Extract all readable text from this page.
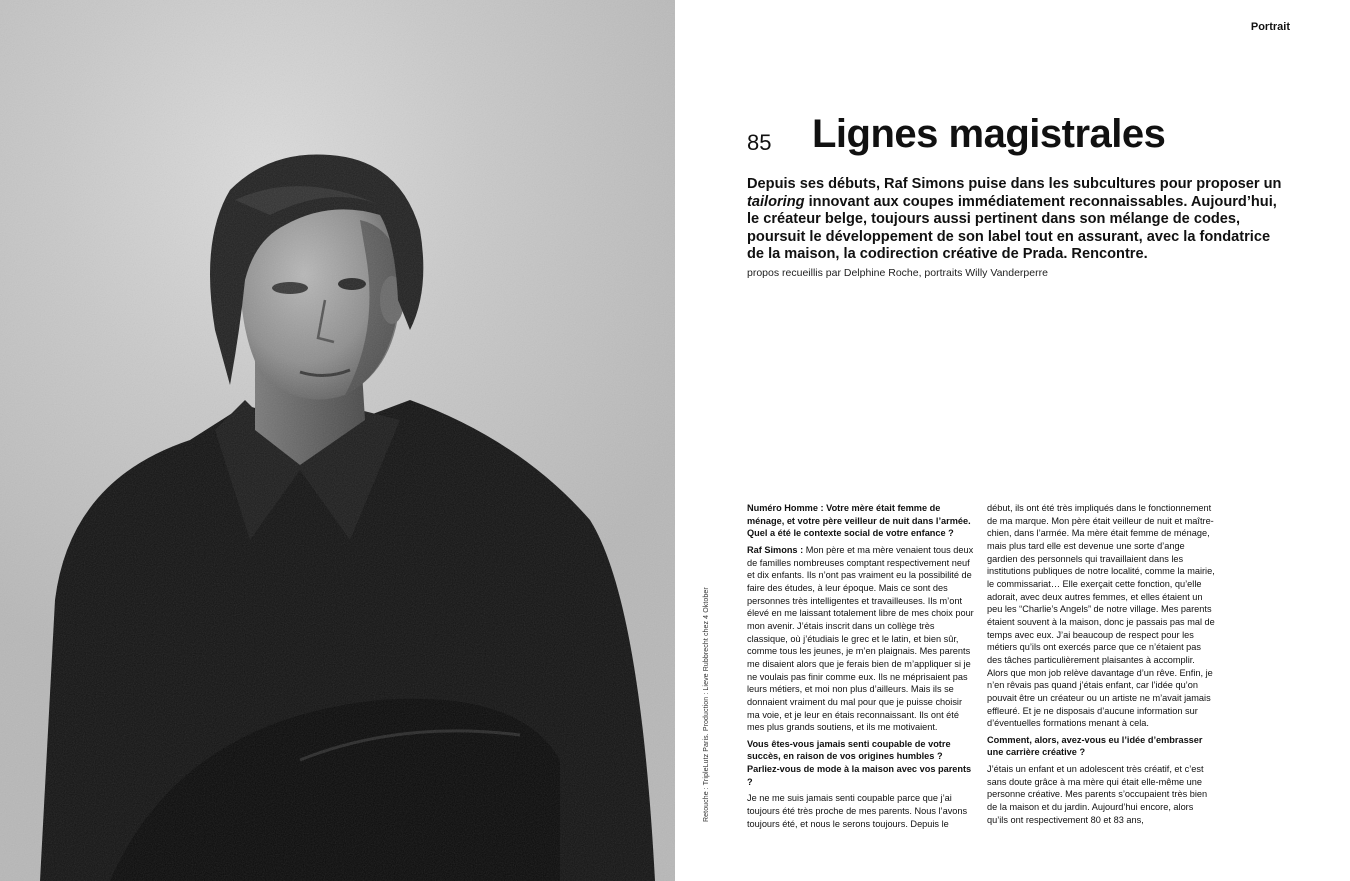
Retouche : TripleLutz Paris. Production : Lieve Rubbrecht chez 4 Oktober
Portrait
85 Lignes magistrales

Depuis ses débuts, Raf Simons puise dans les subcultures pour proposer un tailoring innovant aux coupes immédiatement reconnaissables. Aujourd’hui, le créateur belge, toujours aussi pertinent dans son mélange de codes, poursuit le développement de son label tout en assurant, avec la fondatrice de la maison, la codirection créative de Prada. Rencontre.

propos recueillis par Delphine Roche, portraits Willy Vanderperre

Numéro Homme : Votre mère était femme de ménage, et votre père veilleur de nuit dans l’armée. Quel a été le contexte social de votre enfance ?

Raf Simons : Mon père et ma mère venaient tous deux de familles nombreuses comptant respectivement neuf et dix enfants. Ils n’ont pas vraiment eu la possibilité de faire des études, à leur époque. Mais ce sont des personnes très intelligentes et travailleuses. Ils m’ont élevé en me laissant totalement libre de mes choix pour mon avenir. J’étais inscrit dans un collège très classique, où j’étudiais le grec et le latin, et bien sûr, comme tous les jeunes, je m’en plaignais. Mes parents me disaient alors que je ferais bien de m’appliquer si je ne voulais pas finir comme eux. Ils ne méprisaient pas leurs métiers, et moi non plus d’ailleurs. Mais ils se donnaient vraiment du mal pour que je puisse choisir ma voie, et je leur en étais reconnaissant. Ils ont été mes plus grands soutiens, et ils me motivaient.

Vous êtes-vous jamais senti coupable de votre succès, en raison de vos origines humbles ? Parliez-vous de mode à la maison avec vos parents ?

Je ne me suis jamais senti coupable parce que j’ai toujours été très proche de mes parents. Nous l’avons toujours été, et nous le serons toujours. Depuis le

début, ils ont été très impliqués dans le fonctionnement de ma marque. Mon père était veilleur de nuit et maître-chien, dans l’armée. Ma mère était femme de ménage, mais plus tard elle est devenue une sorte d’ange gardien des personnels qui travaillaient dans les institutions publiques de notre localité, comme la mairie, le commissariat… Elle exerçait cette fonction, qu’elle adorait, avec deux autres femmes, et elles étaient un peu les “Charlie’s Angels” de notre village. Mes parents étaient souvent à la maison, donc je passais pas mal de temps avec eux. J’ai beaucoup de respect pour les métiers qu’ils ont exercés parce que ce n’étaient pas des tâches particulièrement plaisantes à accomplir. Alors que mon job relève davantage d’un rêve. Enfin, je n’en rêvais pas quand j’étais enfant, car l’idée qu’on pouvait être un créateur ou un artiste ne m’avait jamais effleuré. Et je ne disposais d’aucune information sur d’éventuelles formations menant à cela.

Comment, alors, avez-vous eu l’idée d’embrasser une carrière créative ?

J’étais un enfant et un adolescent très créatif, et c’est sans doute grâce à ma mère qui était elle-même une personne créative. Mes parents s’occupaient très bien de la maison et du jardin. Aujourd’hui encore, alors qu’ils ont respectivement 80 et 83 ans,
